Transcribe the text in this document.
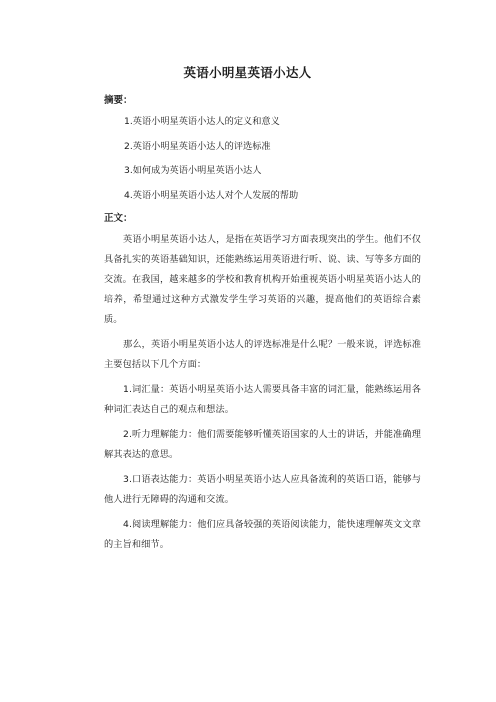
英语小明星英语小达人
摘要：
1.英语小明星英语小达人的定义和意义
2.英语小明星英语小达人的评选标准
3.如何成为英语小明星英语小达人
4.英语小明星英语小达人对个人发展的帮助
正文：

英语小明星英语小达人，是指在英语学习方面表现突出的学生。他们不仅具备扎实的英语基础知识，还能熟练运用英语进行听、说、读、写等多方面的交流。在我国，越来越多的学校和教育机构开始重视英语小明星英语小达人的培养，希望通过这种方式激发学生学习英语的兴趣，提高他们的英语综合素质。

那么，英语小明星英语小达人的评选标准是什么呢？一般来说，评选标准主要包括以下几个方面：

1.词汇量：英语小明星英语小达人需要具备丰富的词汇量，能熟练运用各种词汇表达自己的观点和想法。

2.听力理解能力：他们需要能够听懂英语国家的人士的讲话，并能准确理解其表达的意思。

3.口语表达能力：英语小明星英语小达人应具备流利的英语口语，能够与他人进行无障碍的沟通和交流。

4.阅读理解能力：他们应具备较强的英语阅读能力，能快速理解英文文章的主旨和细节。
